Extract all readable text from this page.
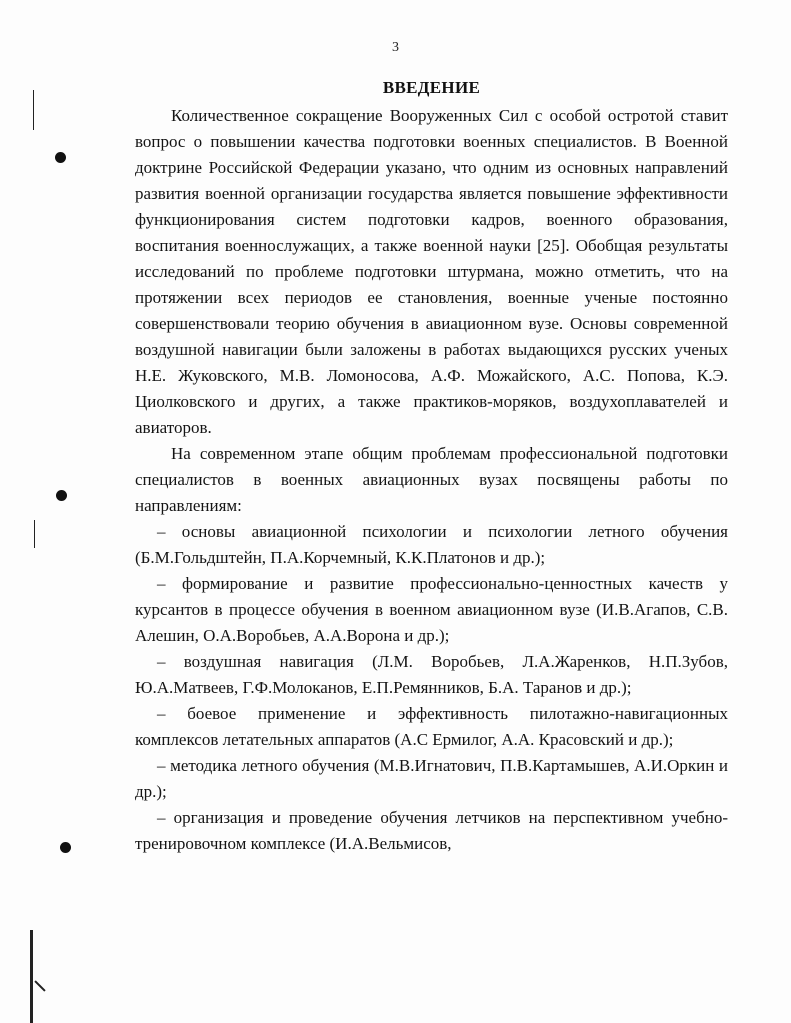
3
ВВЕДЕНИЕ

Количественное сокращение Вооруженных Сил с особой остротой ставит вопрос о повышении качества подготовки военных специалистов. В Военной доктрине Российской Федерации указано, что одним из основных направлений развития военной организации государства является повышение эффективности функционирования систем подготовки кадров, военного образования, воспитания военнослужащих, а также военной науки [25]. Обобщая результаты исследований по проблеме подготовки штурмана, можно отметить, что на протяжении всех периодов ее становления, военные ученые постоянно совершенствовали теорию обучения в авиационном вузе. Основы современной воздушной навигации были заложены в работах выдающихся русских ученых Н.Е. Жуковского, М.В. Ломоносова, А.Ф. Можайского, А.С. Попова, К.Э. Циолковского и других, а также практиков-моряков, воздухоплавателей и авиаторов.

На современном этапе общим проблемам профессиональной подготовки специалистов в военных авиационных вузах посвящены работы по направлениям:

– основы авиационной психологии и психологии летного обучения (Б.М.Гольдштейн, П.А.Корчемный, К.К.Платонов и др.);

– формирование и развитие профессионально-ценностных качеств у курсантов в процессе обучения в военном авиационном вузе (И.В.Агапов, С.В. Алешин, О.А.Воробьев, А.А.Ворона и др.);

– воздушная навигация (Л.М. Воробьев, Л.А.Жаренков, Н.П.Зубов, Ю.А.Матвеев, Г.Ф.Молоканов, Е.П.Ремянников, Б.А. Таранов и др.);

– боевое применение и эффективность пилотажно-навигационных комплексов летательных аппаратов (А.С Ермилог, А.А. Красовский и др.);

– методика летного обучения (М.В.Игнатович, П.В.Картамышев, А.И.Оркин и др.);

– организация и проведение обучения летчиков на перспективном учебно-тренировочном комплексе (И.А.Вельмисов,
